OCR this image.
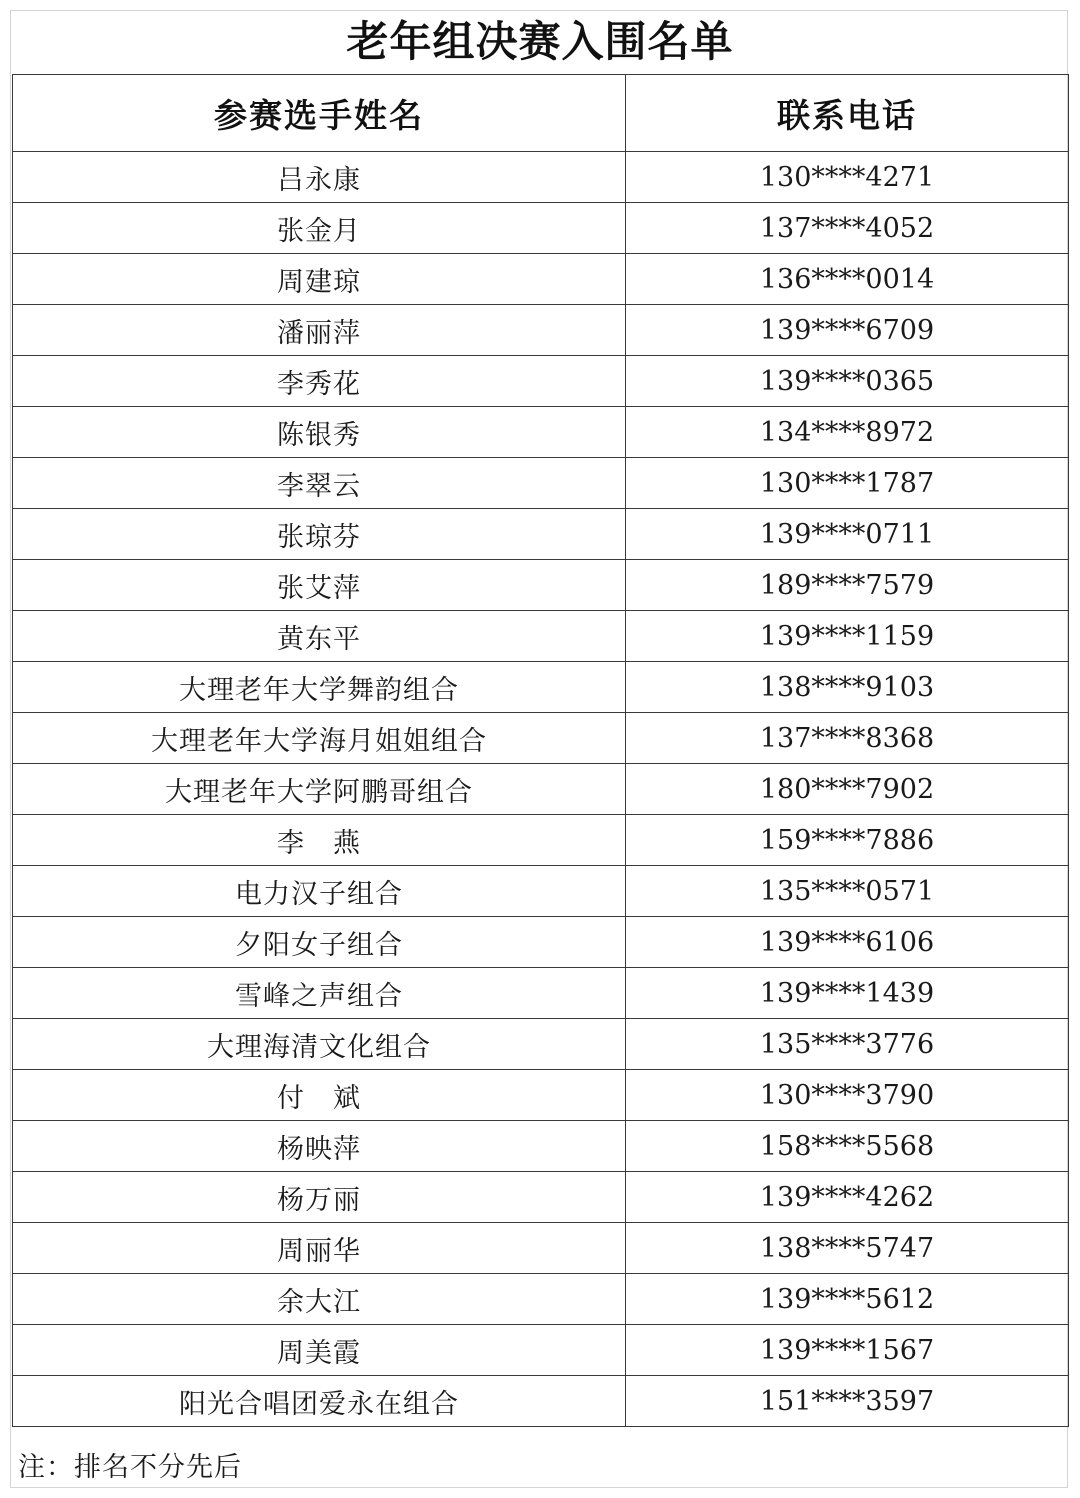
老年组决赛入围名单
参赛选手姓名	联系电话
吕永康	130****4271
张金月	137****4052
周建琼	136****0014
潘丽萍	139****6709
李秀花	139****0365
陈银秀	134****8972
李翠云	130****1787
张琼芬	139****0711
张艾萍	189****7579
黄东平	139****1159
大理老年大学舞韵组合	138****9103
大理老年大学海月姐姐组合	137****8368
大理老年大学阿鹏哥组合	180****7902
李　燕	159****7886
电力汉子组合	135****0571
夕阳女子组合	139****6106
雪峰之声组合	139****1439
大理海清文化组合	135****3776
付　斌	130****3790
杨映萍	158****5568
杨万丽	139****4262
周丽华	138****5747
余大江	139****5612
周美霞	139****1567
阳光合唱团爱永在组合	151****3597
注：排名不分先后
